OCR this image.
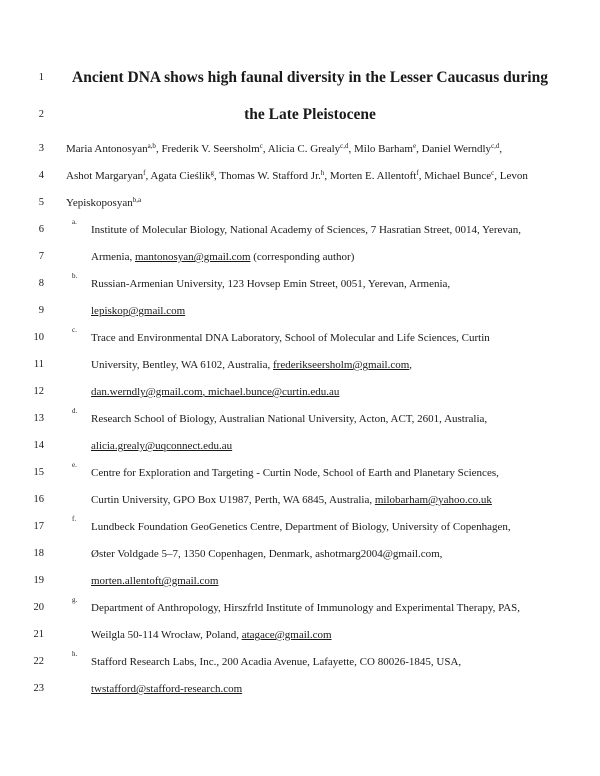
1	Ancient DNA shows high faunal diversity in the Lesser Caucasus during
2	the Late Pleistocene
3 Maria Antonosyan$^{a,b}$, Frederik V. Seersholm$^c$, Alicia C. Grealy$^{c,d}$, Milo Barham$^e$, Daniel Werndly$^{c,d}$,
4 Ashot Margaryan$^f$, Agata Cieślik$^g$, Thomas W. Stafford Jr.$^h$, Morten E. Allentoft$^f$, Michael Bunce$^c$, Levon
5 Yepiskoposyan$^{b,a}$
6
a.
Institute of Molecular Biology, National Academy of Sciences, 7 Hasratian Street, 0014, Yerevan,
7	Armenia, mantonosyan@gmail.com (corresponding author)
8
b.
Russian-Armenian University, 123 Hovsep Emin Street, 0051, Yerevan, Armenia,
9	lepiskop@gmail.com
10
c.
Trace and Environmental DNA Laboratory, School of Molecular and Life Sciences, Curtin
11	University, Bentley, WA 6102, Australia, frederikseersholm@gmail.com,
12	dan.werndly@gmail.com, michael.bunce@curtin.edu.au
13
d.
Research School of Biology, Australian National University, Acton, ACT, 2601, Australia,
14	alicia.grealy@uqconnect.edu.au
15
e.
Centre for Exploration and Targeting - Curtin Node, School of Earth and Planetary Sciences,
16	Curtin University, GPO Box U1987, Perth, WA 6845, Australia, milobarham@yahoo.co.uk
17
f.
Lundbeck Foundation GeoGenetics Centre, Department of Biology, University of Copenhagen,
18	Øster Voldgade 5–7, 1350 Copenhagen, Denmark, ashotmarg2004@gmail.com,
19	morten.allentoft@gmail.com
20
g.
Department of Anthropology, Hirszfrld Institute of Immunology and Experimental Therapy, PAS,
21	Weilgla 50-114 Wrocław, Poland, atagace@gmail.com
22
h.
Stafford Research Labs, Inc., 200 Acadia Avenue, Lafayette, CO 80026-1845, USA,
23	twstafford@stafford-research.com
